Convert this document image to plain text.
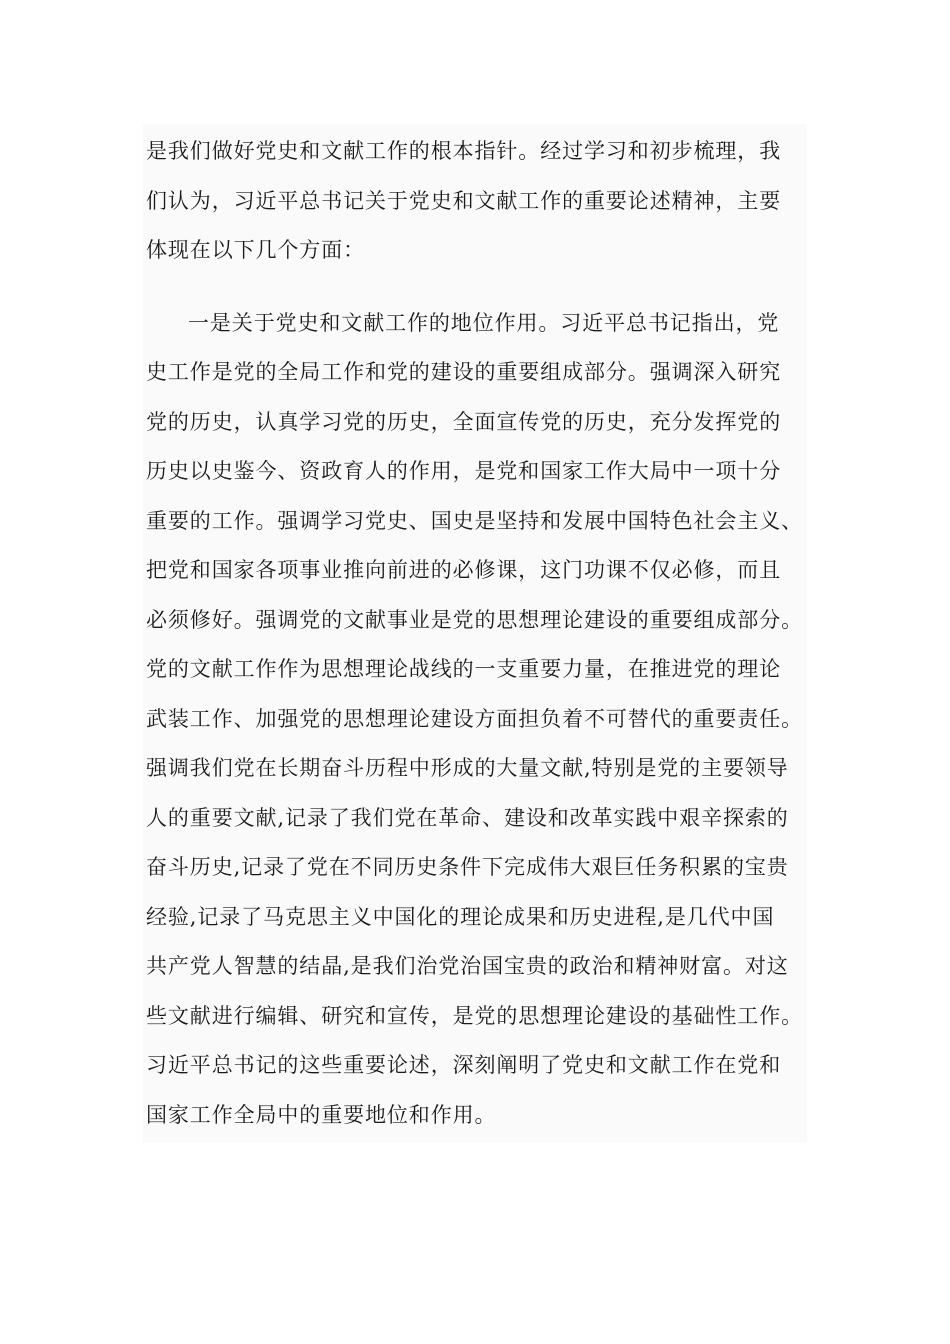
是我们做好党史和文献工作的根本指针。经过学习和初步梳理，我
们认为，习近平总书记关于党史和文献工作的重要论述精神，主要
体现在以下几个方面：
一是关于党史和文献工作的地位作用。习近平总书记指出，党
史工作是党的全局工作和党的建设的重要组成部分。强调深入研究
党的历史，认真学习党的历史，全面宣传党的历史，充分发挥党的
历史以史鉴今、资政育人的作用，是党和国家工作大局中一项十分
重要的工作。强调学习党史、国史是坚持和发展中国特色社会主义、
把党和国家各项事业推向前进的必修课，这门功课不仅必修，而且
必须修好。强调党的文献事业是党的思想理论建设的重要组成部分。
党的文献工作作为思想理论战线的一支重要力量，在推进党的理论
武装工作、加强党的思想理论建设方面担负着不可替代的重要责任。
强调我们党在长期奋斗历程中形成的大量文献,特别是党的主要领导
人的重要文献,记录了我们党在革命、建设和改革实践中艰辛探索的
奋斗历史,记录了党在不同历史条件下完成伟大艰巨任务积累的宝贵
经验,记录了马克思主义中国化的理论成果和历史进程,是几代中国
共产党人智慧的结晶,是我们治党治国宝贵的政治和精神财富。对这
些文献进行编辑、研究和宣传，是党的思想理论建设的基础性工作。
习近平总书记的这些重要论述，深刻阐明了党史和文献工作在党和
国家工作全局中的重要地位和作用。
